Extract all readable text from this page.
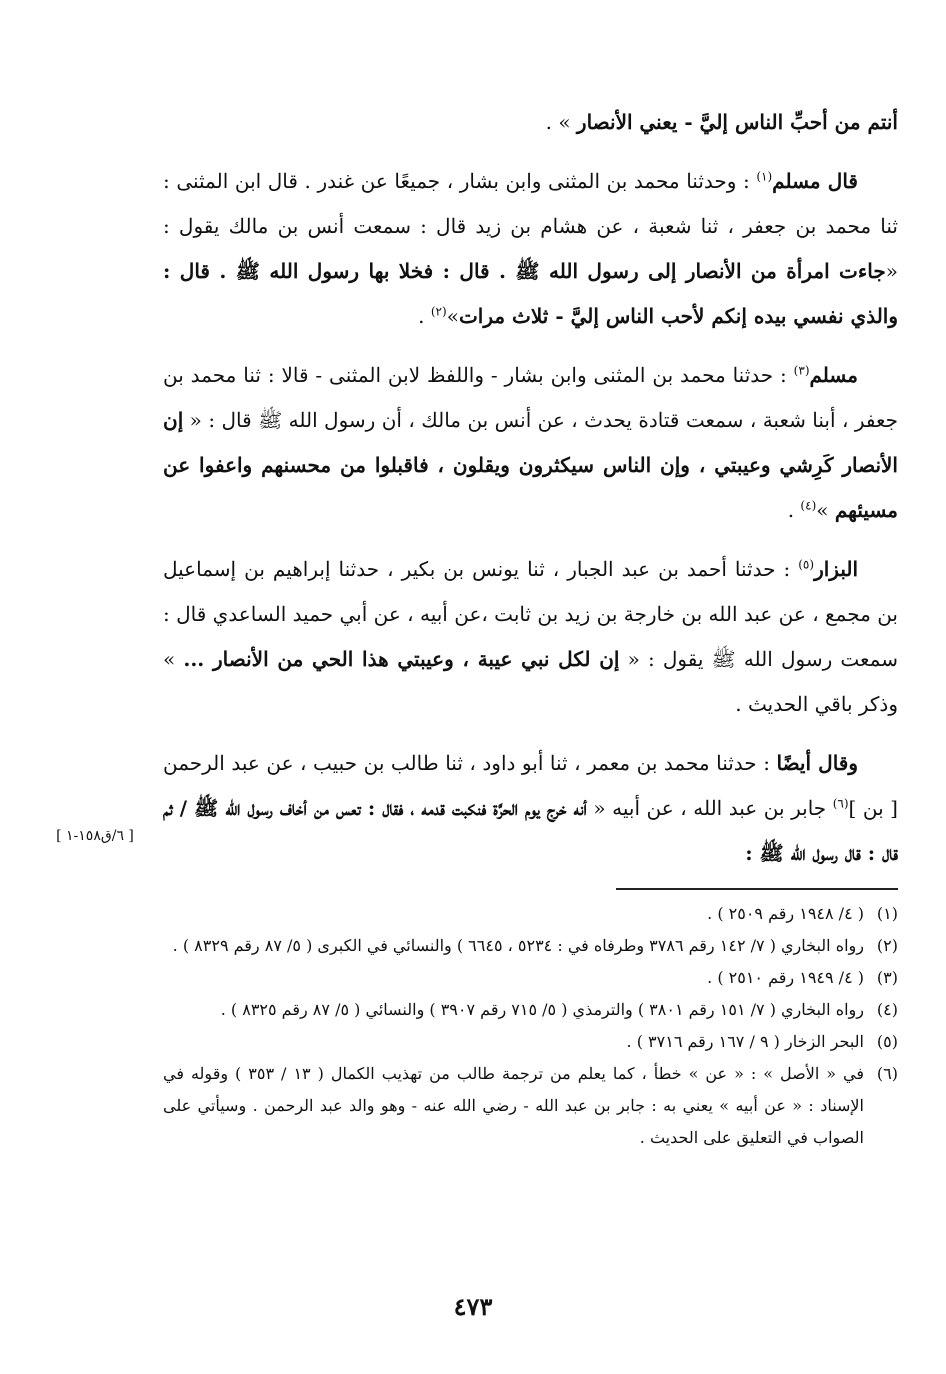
أنتم من أحبِّ الناس إليَّ - يعني الأنصار » .

قال مسلم$^{(١)}$ : وحدثنا محمد بن المثنى وابن بشار ، جميعًا عن غندر . قال ابن المثنى : ثنا محمد بن جعفر ، ثنا شعبة ، عن هشام بن زيد قال : سمعت أنس بن مالك يقول : «جاءت امرأة من الأنصار إلى رسول الله ﷺ . قال : فخلا بها رسول الله ﷺ . قال : والذي نفسي بيده إنكم لأحب الناس إليَّ - ثلاث مرات»$^{(٢)}$ .

مسلم$^{(٣)}$ : حدثنا محمد بن المثنى وابن بشار - واللفظ لابن المثنى - قالا : ثنا محمد بن جعفر ، أبنا شعبة ، سمعت قتادة يحدث ، عن أنس بن مالك ، أن رسول الله ﷺ قال : « إن الأنصار كَرِشي وعيبتي ، وإن الناس سيكثرون ويقلون ، فاقبلوا من محسنهم واعفوا عن مسيئهم »$^{(٤)}$ .

البزار$^{(٥)}$ : حدثنا أحمد بن عبد الجبار ، ثنا يونس بن بكير ، حدثنا إبراهيم بن إسماعيل بن مجمع ، عن عبد الله بن خارجة بن زيد بن ثابت ،عن أبيه ، عن أبي حميد الساعدي قال : سمعت رسول الله ﷺ يقول : « إن لكل نبي عيبة ، وعيبتي هذا الحي من الأنصار ... » وذكر باقي الحديث .

وقال أيضًا : حدثنا محمد بن معمر ، ثنا أبو داود ، ثنا طالب بن حبيب ، عن عبد الرحمن [ بن ]$^{(٦)}$ جابر بن عبد الله ، عن أبيه « أنه خرج يوم الحرَّة فنكبت قدمه ، فقال : تعس من أخاف رسول الله ﷺ / ثم قال : قال رسول الله ﷺ :

[ ٦/ق١٥٨-١ ]

(١)
( ٤/ ١٩٤٨ رقم ٢٥٠٩ ) .

(٢)
رواه البخاري ( ٧/ ١٤٢ رقم ٣٧٨٦ وطرفاه في : ٥٢٣٤ ، ٦٦٤٥ ) والنسائي في الكبرى ( ٥/ ٨٧ رقم ٨٣٢٩ ) .

(٣)
( ٤/ ١٩٤٩ رقم ٢٥١٠ ) .

(٤)
رواه البخاري ( ٧/ ١٥١ رقم ٣٨٠١ ) والترمذي ( ٥/ ٧١٥ رقم ٣٩٠٧ ) والنسائي ( ٥/ ٨٧ رقم ٨٣٢٥ ) .

(٥)
البحر الزخار ( ٩ / ١٦٧ رقم ٣٧١٦ ) .

(٦)
في « الأصل » : « عن » خطأ ، كما يعلم من ترجمة طالب من تهذيب الكمال ( ١٣ / ٣٥٣ ) وقوله في الإسناد : « عن أبيه » يعني به : جابر بن عبد الله - رضي الله عنه - وهو والد عبد الرحمن . وسيأتي على الصواب في التعليق على الحديث .

٤٧٣
